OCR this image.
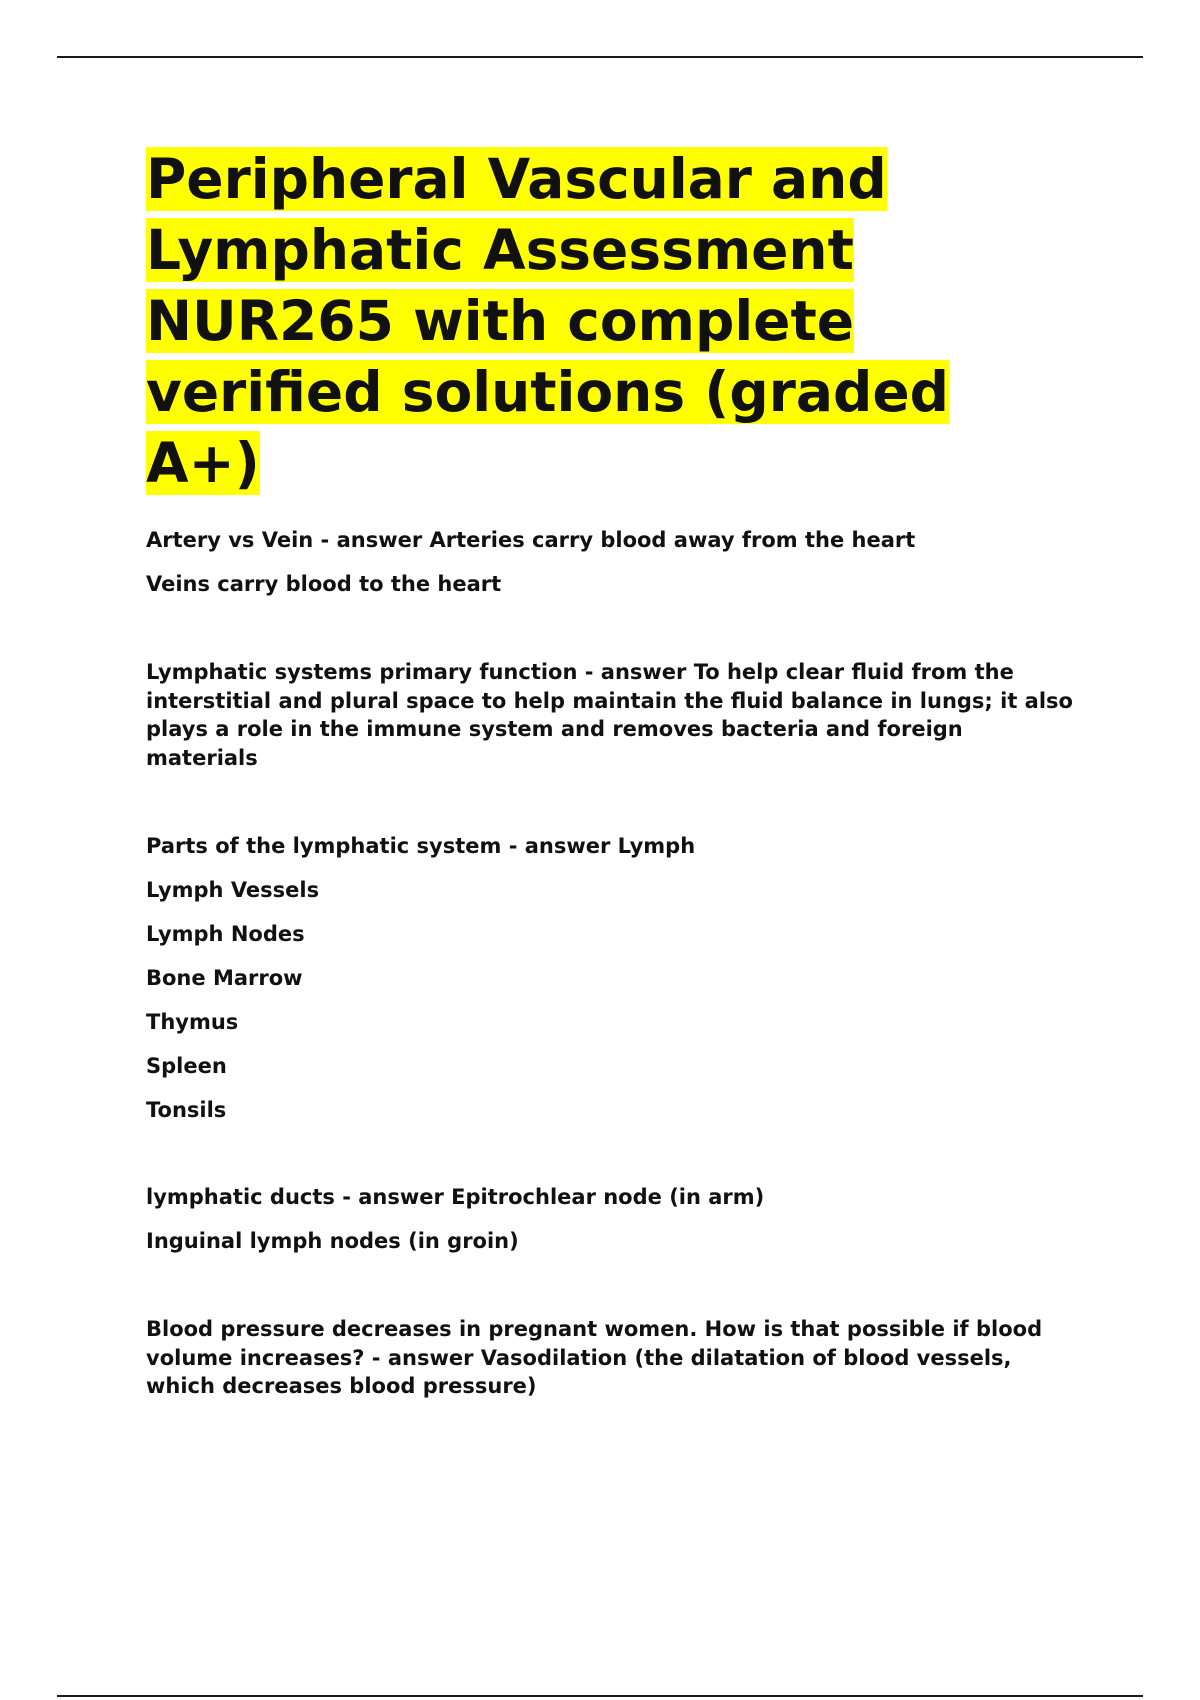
Peripheral Vascular and Lymphatic Assessment NUR265 with complete verified solutions (graded A+)

Artery vs Vein - answer Arteries carry blood away from the heart

Veins carry blood to the heart

Lymphatic systems primary function - answer To help clear fluid from the interstitial and plural space to help maintain the fluid balance in lungs; it also plays a role in the immune system and removes bacteria and foreign materials

Parts of the lymphatic system - answer Lymph

Lymph Vessels

Lymph Nodes

Bone Marrow

Thymus

Spleen

Tonsils

lymphatic ducts - answer Epitrochlear node (in arm)

Inguinal lymph nodes (in groin)

Blood pressure decreases in pregnant women. How is that possible if blood volume increases? - answer Vasodilation (the dilatation of blood vessels, which decreases blood pressure)
